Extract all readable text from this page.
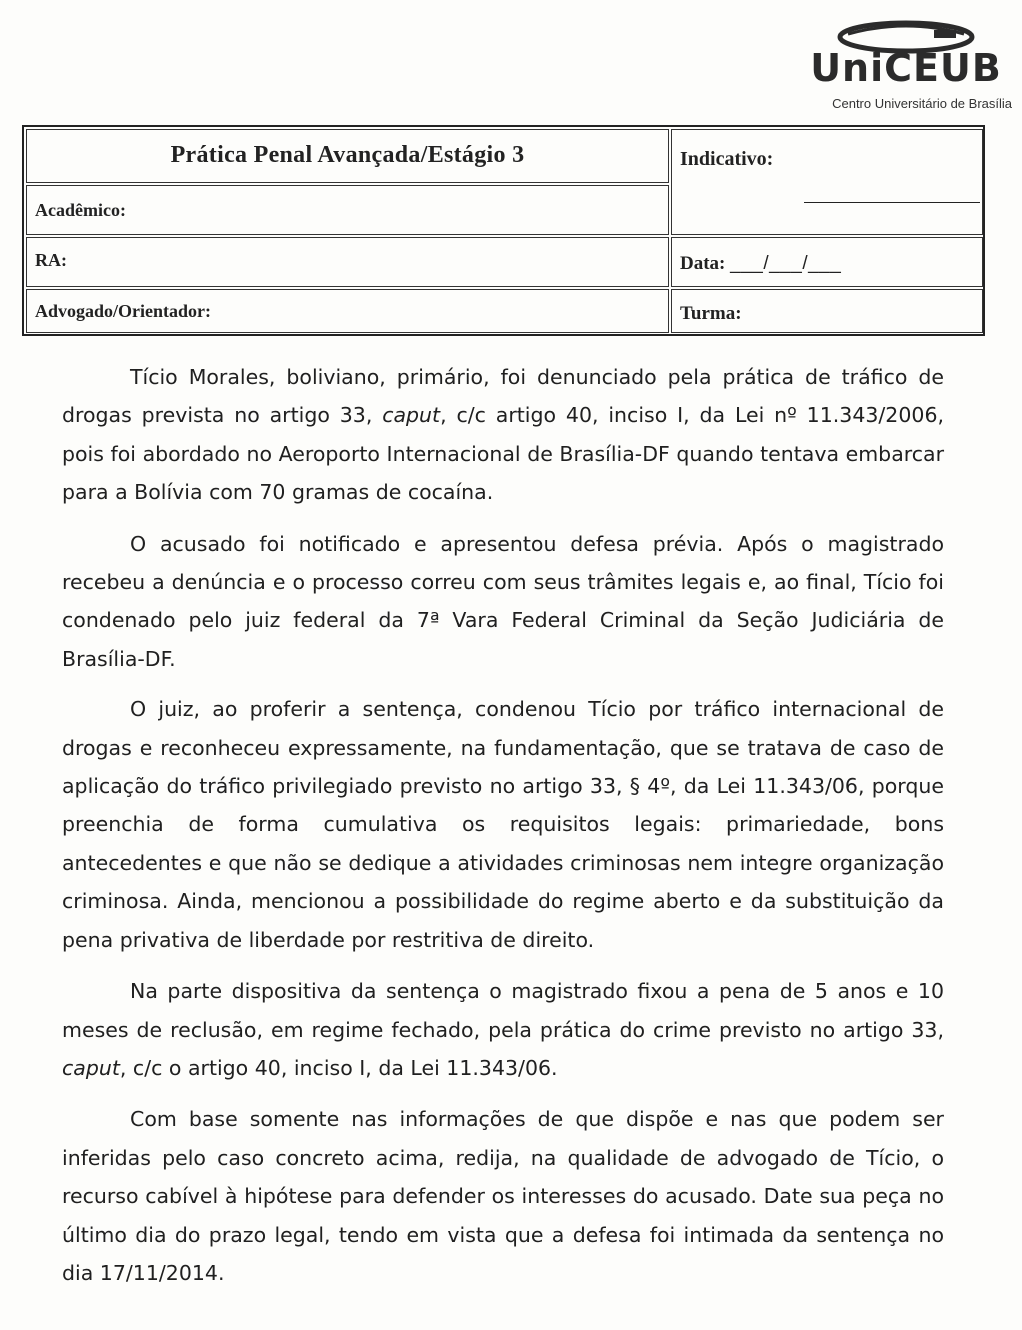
UniCEUB
Centro Universitário de Brasília
Prática Penal Avançada/Estágio 3
Acadêmico:
RA:
Advogado/Orientador:
Indicativo:
Data: ___/___/___
Turma:

Tício Morales, boliviano, primário, foi denunciado pela prática de tráfico de drogas prevista no artigo 33, caput, c/c artigo 40, inciso I, da Lei nº 11.343/2006, pois foi abordado no Aeroporto Internacional de Brasília-DF quando tentava embarcar para a Bolívia com 70 gramas de cocaína.

O acusado foi notificado e apresentou defesa prévia. Após o magistrado recebeu a denúncia e o processo correu com seus trâmites legais e, ao final, Tício foi condenado pelo juiz federal da 7ª Vara Federal Criminal da Seção Judiciária de Brasília-DF.

O juiz, ao proferir a sentença, condenou Tício por tráfico internacional de drogas e reconheceu expressamente, na fundamentação, que se tratava de caso de aplicação do tráfico privilegiado previsto no artigo 33, § 4º, da Lei 11.343/06, porque preenchia de forma cumulativa os requisitos legais: primariedade, bons antecedentes e que não se dedique a atividades criminosas nem integre organização criminosa. Ainda, mencionou a possibilidade do regime aberto e da substituição da pena privativa de liberdade por restritiva de direito.

Na parte dispositiva da sentença o magistrado fixou a pena de 5 anos e 10 meses de reclusão, em regime fechado, pela prática do crime previsto no artigo 33, caput, c/c o artigo 40, inciso I, da Lei 11.343/06.

Com base somente nas informações de que dispõe e nas que podem ser inferidas pelo caso concreto acima, redija, na qualidade de advogado de Tício, o recurso cabível à hipótese para defender os interesses do acusado. Date sua peça no último dia do prazo legal, tendo em vista que a defesa foi intimada da sentença no dia 17/11/2014.
